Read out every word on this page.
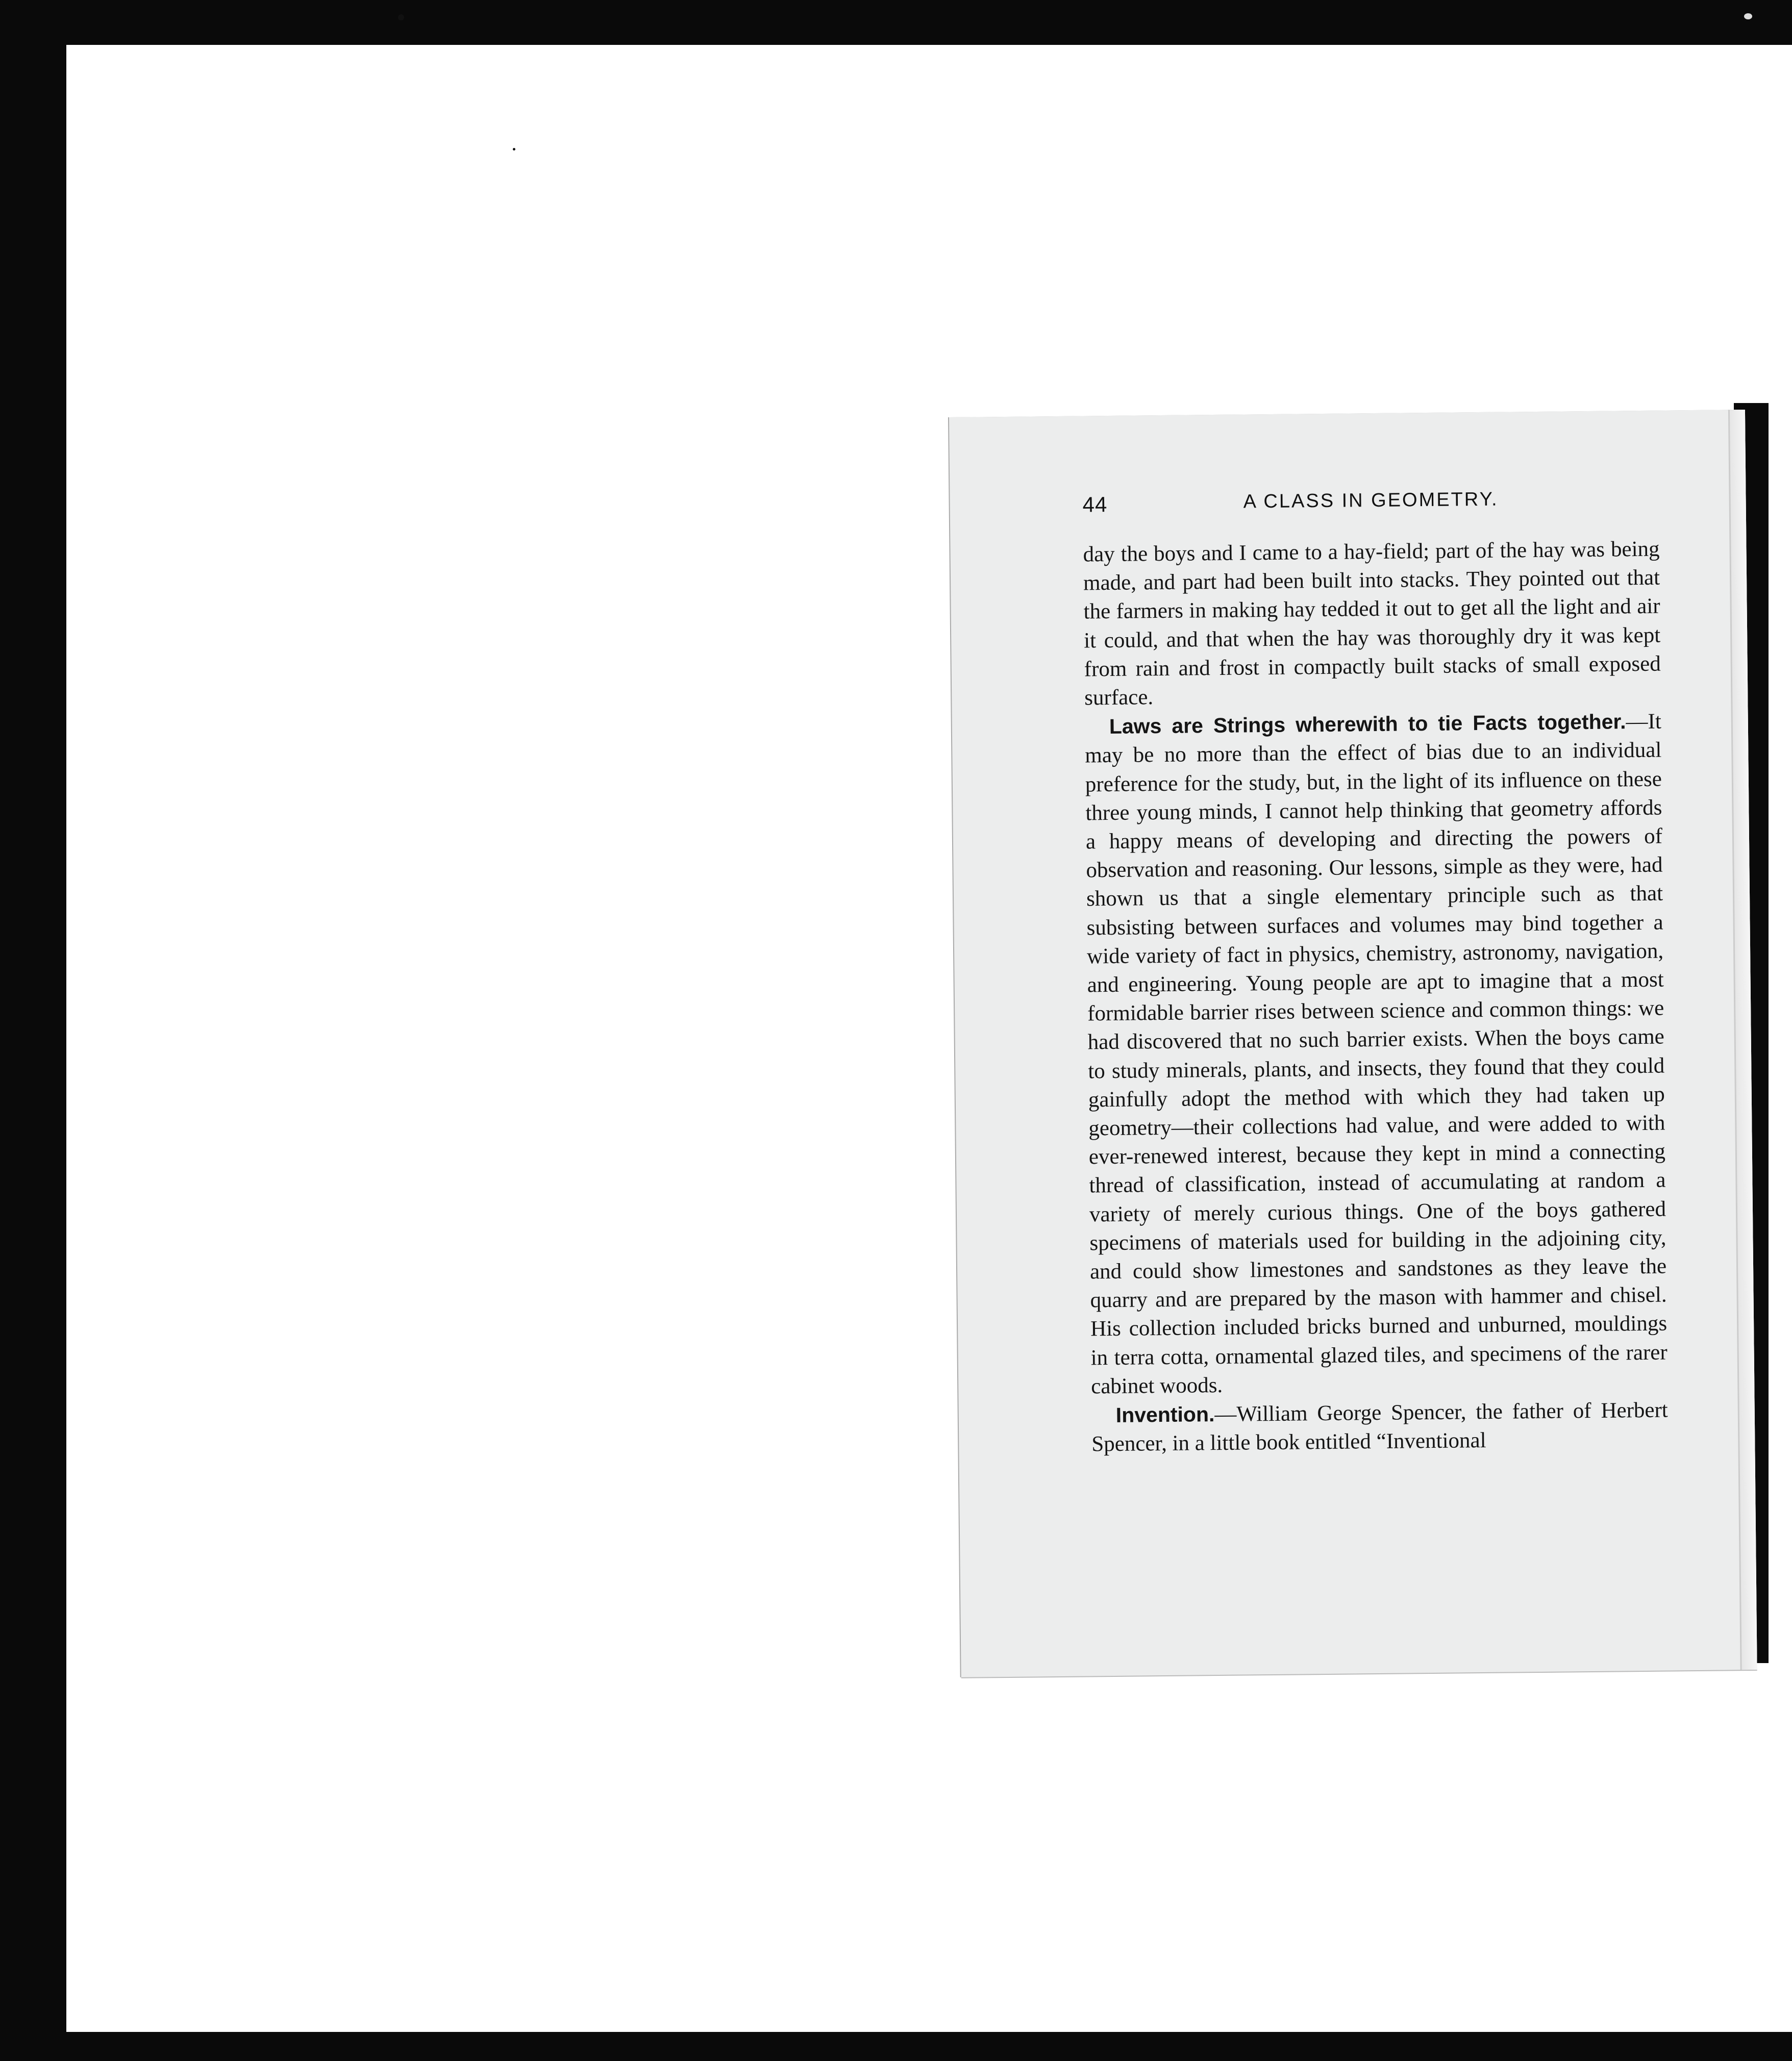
44	A CLASS IN GEOMETRY.

day the boys and I came to a hay-field; part of the hay was being made, and part had been built into stacks. They pointed out that the farmers in making hay tedded it out to get all the light and air it could, and that when the hay was thoroughly dry it was kept from rain and frost in compactly built stacks of small exposed surface.

Laws are Strings wherewith to tie Facts together.—It may be no more than the effect of bias due to an individual preference for the study, but, in the light of its influence on these three young minds, I cannot help thinking that geometry affords a happy means of developing and directing the powers of observation and reasoning. Our lessons, simple as they were, had shown us that a single elementary principle such as that subsisting between surfaces and volumes may bind together a wide variety of fact in physics, chemistry, astronomy, navigation, and engineering. Young people are apt to imagine that a most formidable barrier rises between science and common things: we had discovered that no such barrier exists. When the boys came to study minerals, plants, and insects, they found that they could gainfully adopt the method with which they had taken up geometry—their collections had value, and were added to with ever-renewed interest, because they kept in mind a connecting thread of classification, instead of accumulating at random a variety of merely curious things. One of the boys gathered specimens of materials used for building in the adjoining city, and could show limestones and sandstones as they leave the quarry and are prepared by the mason with hammer and chisel. His collection included bricks burned and unburned, mouldings in terra cotta, ornamental glazed tiles, and specimens of the rarer cabinet woods.

Invention.—William George Spencer, the father of Herbert Spencer, in a little book entitled “Inventional
